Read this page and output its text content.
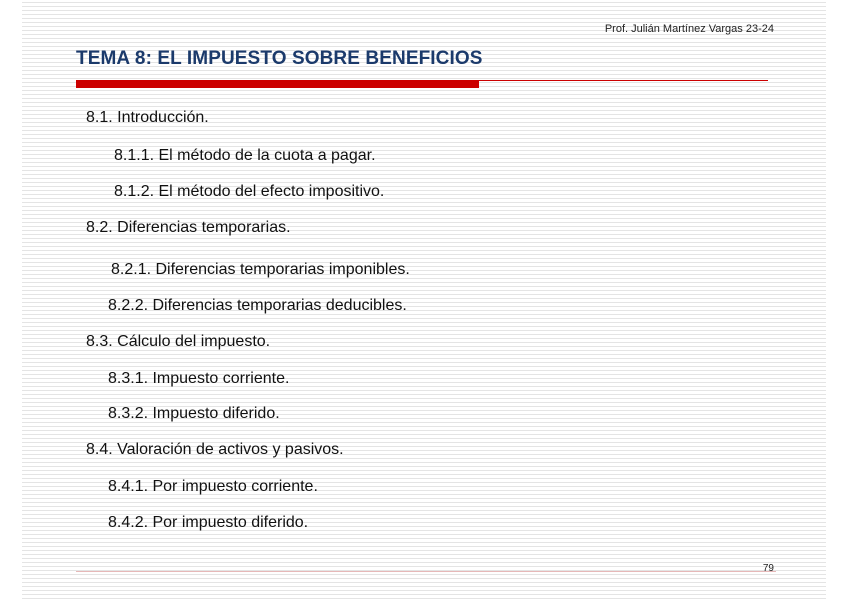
Prof. Julián Martínez Vargas 23-24
TEMA 8: EL IMPUESTO SOBRE BENEFICIOS
8.1. Introducción.
8.1.1. El método de la cuota a pagar.
8.1.2. El método del efecto impositivo.
8.2. Diferencias temporarias.
8.2.1. Diferencias temporarias imponibles.
8.2.2. Diferencias temporarias deducibles.
8.3. Cálculo del impuesto.
8.3.1. Impuesto corriente.
8.3.2. Impuesto diferido.
8.4. Valoración de activos y pasivos.
8.4.1. Por impuesto corriente.
8.4.2. Por impuesto diferido.
79
